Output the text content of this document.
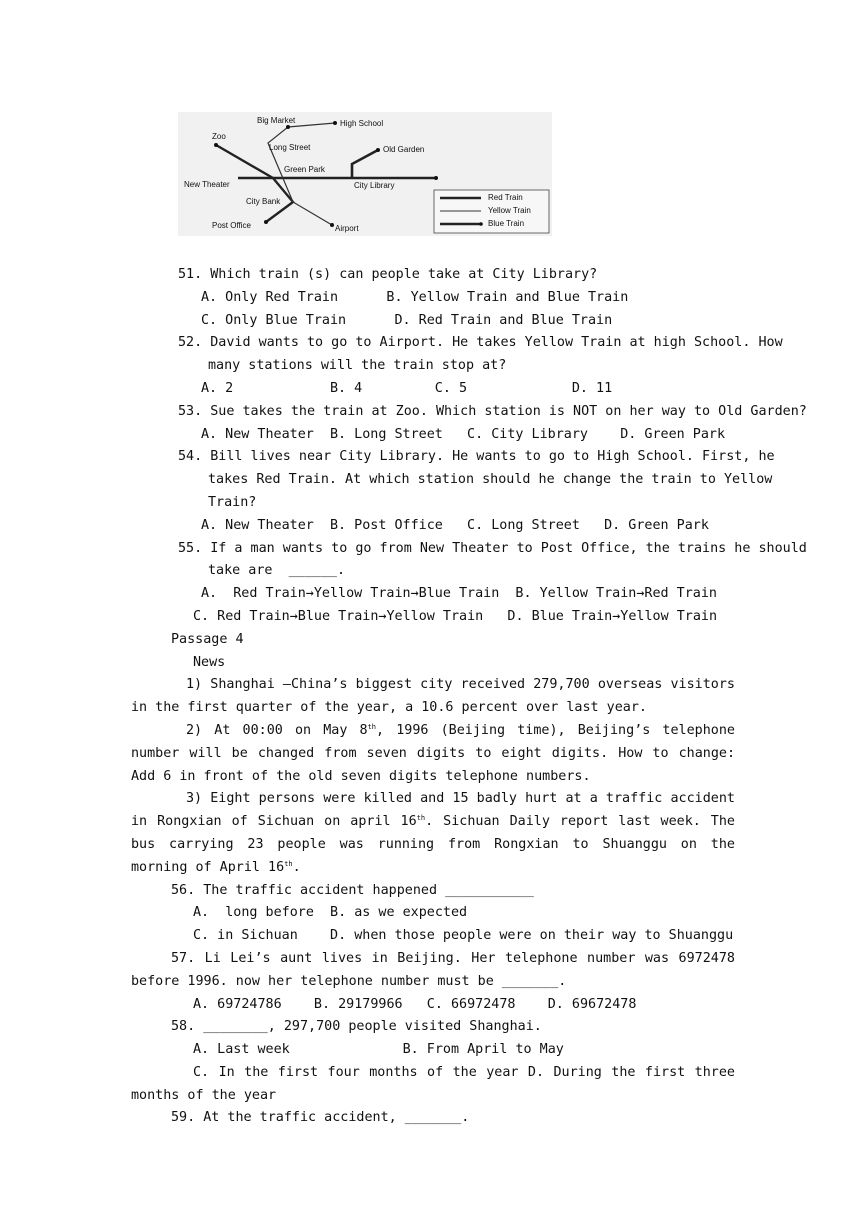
Big Market	High School
Zoo
Long Street	Old Garden
Green Park
New Theater	City Library
City Bank
Post Office	Airport
Red Train
Yellow Train
Blue Train
51. Which train (s) can people take at City Library?
A. Only Red Train      B. Yellow Train and Blue Train
C. Only Blue Train      D. Red Train and Blue Train
52. David wants to go to Airport. He takes Yellow Train at high School. How
many stations will the train stop at?
A. 2            B. 4         C. 5             D. 11
53. Sue takes the train at Zoo. Which station is NOT on her way to Old Garden?
A. New Theater  B. Long Street   C. City Library    D. Green Park
54. Bill lives near City Library. He wants to go to High School. First, he
takes Red Train. At which station should he change the train to Yellow
Train?
A. New Theater  B. Post Office   C. Long Street   D. Green Park
55. If a man wants to go from New Theater to Post Office, the trains he should
take are  ______.
A.  Red Train→Yellow Train→Blue Train  B. Yellow Train→Red Train
C. Red Train→Blue Train→Yellow Train   D. Blue Train→Yellow Train
Passage 4
News
1) Shanghai —China’s biggest city received 279,700 overseas visitors in the first quarter of the year, a 10.6 percent over last year.
2) At 00:00 on May 8th, 1996 (Beijing time), Beijing’s telephone number will be changed from seven digits to eight digits. How to change: Add 6 in front of the old seven digits telephone numbers.
3) Eight persons were killed and 15 badly hurt at a traffic accident in Rongxian of Sichuan on april 16th. Sichuan Daily report last week. The bus carrying 23 people was running from Rongxian to Shuanggu on the morning of April 16th.
56. The traffic accident happened ___________
A.  long before  B. as we expected
C. in Sichuan    D. when those people were on their way to Shuanggu
57. Li Lei’s aunt lives in Beijing. Her telephone number was 6972478 before 1996. now her telephone number must be _______.
A. 69724786    B. 29179966   C. 66972478    D. 69672478
58. ________, 297,700 people visited Shanghai.
A. Last week              B. From April to May
C. In the first four months of the year D. During the first three months of the year
59. At the traffic accident, _______.
